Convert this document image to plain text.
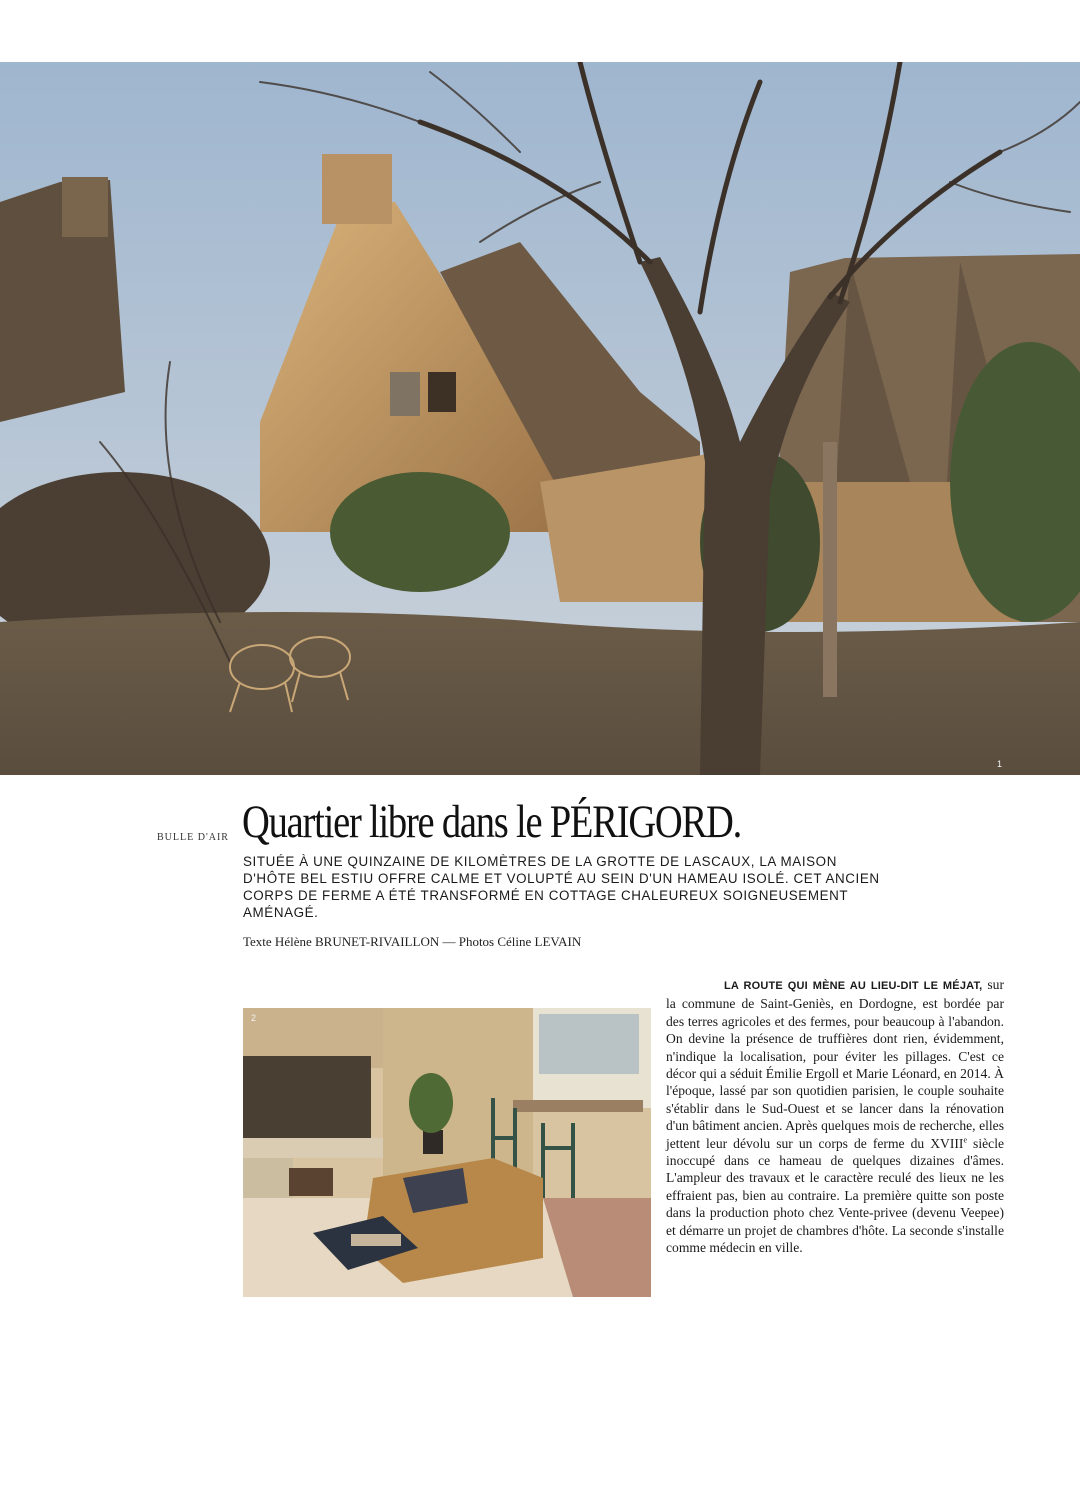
1
BULLE D'AIR Quartier libre dans le PÉRIGORD.

SITUÉE À UNE QUINZAINE DE KILOMÈTRES DE LA GROTTE DE LASCAUX, LA MAISON D'HÔTE BEL ESTIU OFFRE CALME ET VOLUPTÉ AU SEIN D'UN HAMEAU ISOLÉ. CET ANCIEN CORPS DE FERME A ÉTÉ TRANSFORMÉ EN COTTAGE CHALEUREUX SOIGNEUSEMENT AMÉNAGÉ.

Texte Hélène BRUNET-RIVAILLON — Photos Céline LEVAIN
2

LA ROUTE QUI MÈNE AU LIEU-DIT LE MÉJAT, sur la commune de Saint-Geniès, en Dordogne, est bordée par des terres agricoles et des fermes, pour beaucoup à l'abandon. On devine la présence de truffières dont rien, évidemment, n'indique la localisation, pour éviter les pillages. C'est ce décor qui a séduit Émilie Ergoll et Marie Léonard, en 2014. À l'époque, lassé par son quotidien parisien, le couple souhaite s'établir dans le Sud-Ouest et se lancer dans la rénovation d'un bâtiment ancien. Après quelques mois de recherche, elles jettent leur dévolu sur un corps de ferme du XVIIIe siècle inoccupé dans ce hameau de quelques dizaines d'âmes. L'ampleur des travaux et le caractère reculé des lieux ne les effraient pas, bien au contraire. La première quitte son poste dans la production photo chez Vente-privee (devenu Veepee) et démarre un projet de chambres d'hôte. La seconde s'installe comme médecin en ville.
